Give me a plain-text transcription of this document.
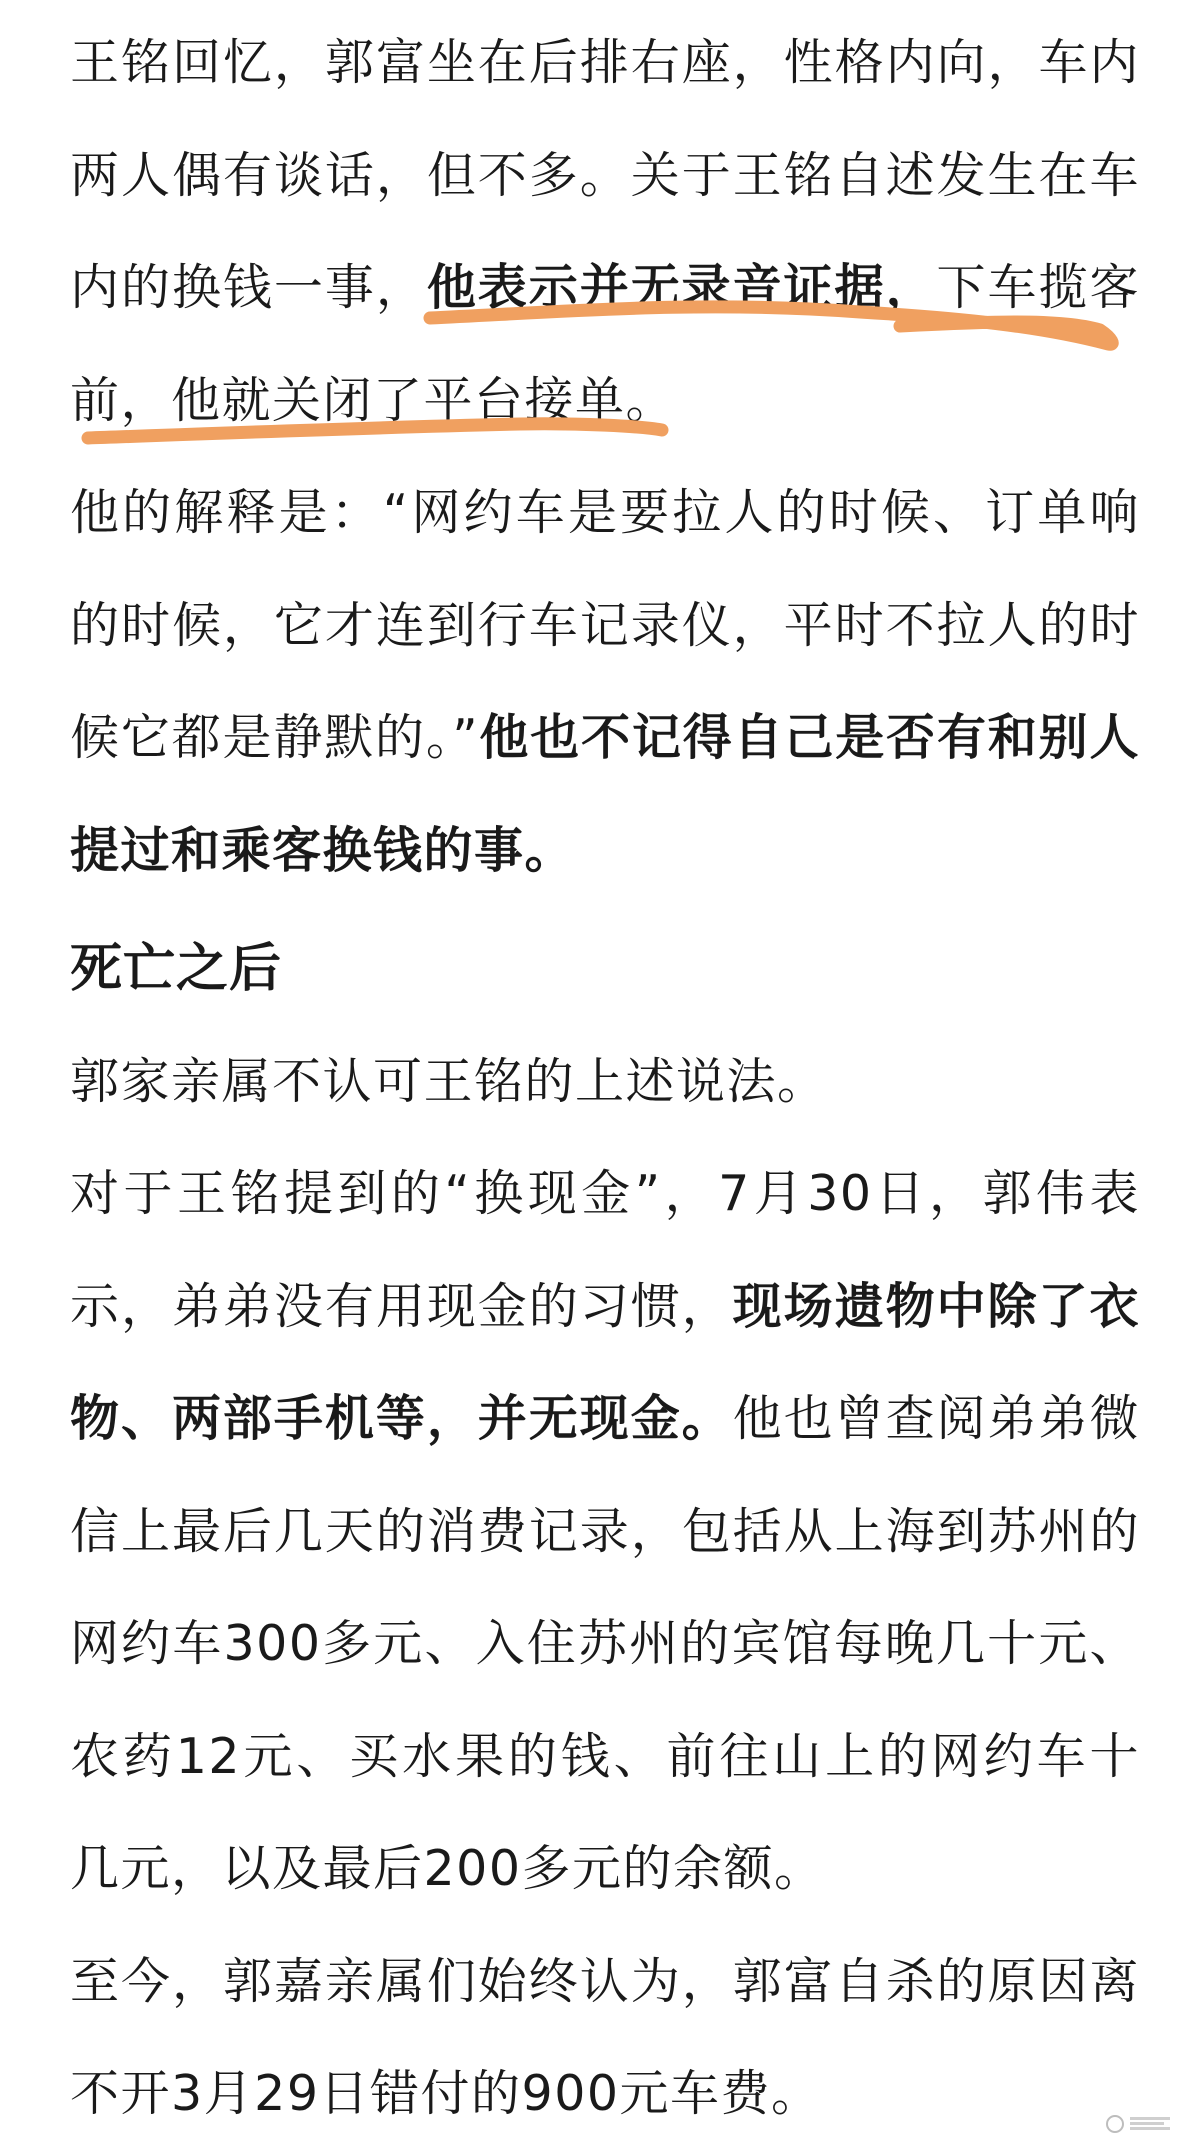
王铭回忆，郭富坐在后排右座，性格内向，车内两人偶有谈话，但不多。关于王铭自述发生在车内的换钱一事，他表示并无录音证据，下车揽客前，他就关闭了平台接单。

他的解释是：“网约车是要拉人的时候、订单响的时候，它才连到行车记录仪，平时不拉人的时候它都是静默的。”他也不记得自己是否有和别人提过和乘客换钱的事。

死亡之后

郭家亲属不认可王铭的上述说法。

对于王铭提到的“换现金”，7月30日，郭伟表示，弟弟没有用现金的习惯，现场遗物中除了衣物、两部手机等，并无现金。他也曾查阅弟弟微信上最后几天的消费记录，包括从上海到苏州的网约车300多元、入住苏州的宾馆每晚几十元、农药12元、买水果的钱、前往山上的网约车十几元，以及最后200多元的余额。

至今，郭嘉亲属们始终认为，郭富自杀的原因离不开3月29日错付的900元车费。
